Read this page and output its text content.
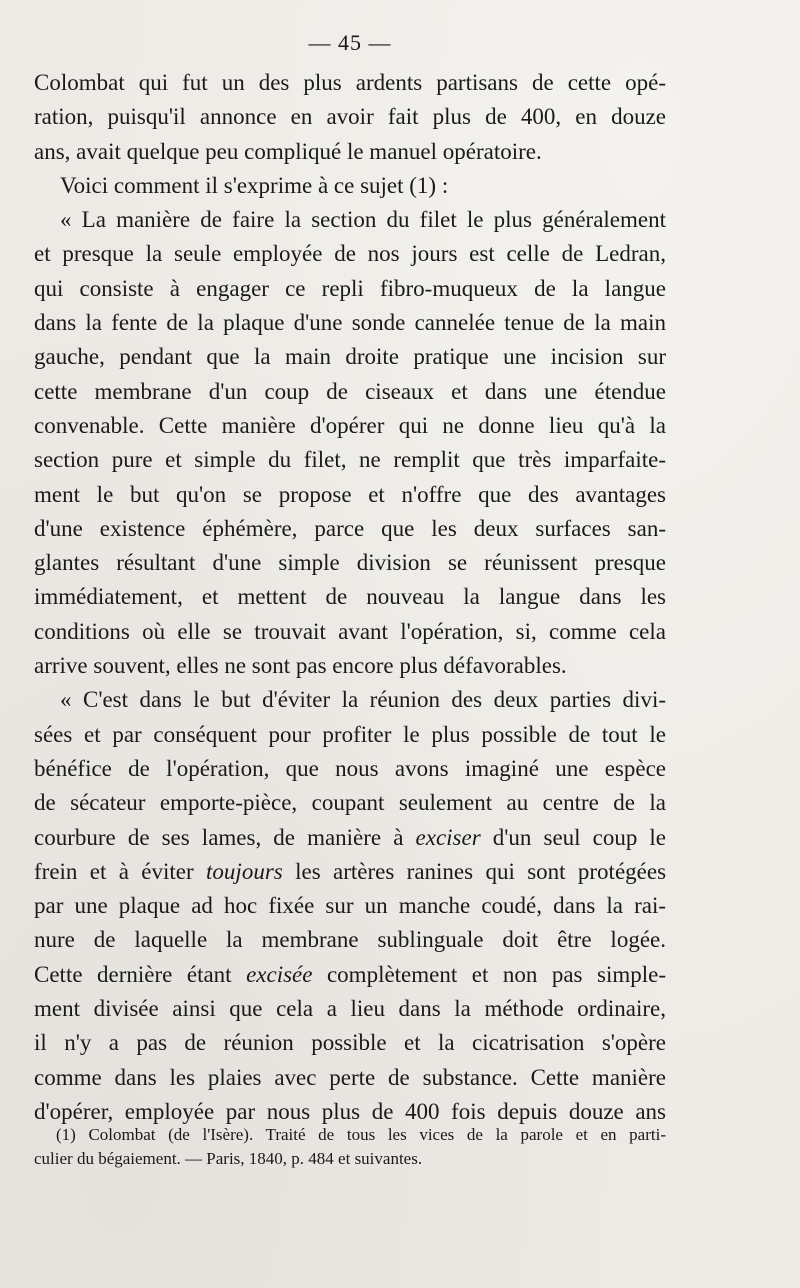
— 45 —
Colombat qui fut un des plus ardents partisans de cette opé-
ration, puisqu'il annonce en avoir fait plus de 400, en douze
ans, avait quelque peu compliqué le manuel opératoire.
Voici comment il s'exprime à ce sujet (1) :
« La manière de faire la section du filet le plus généralement
et presque la seule employée de nos jours est celle de Ledran,
qui consiste à engager ce repli fibro-muqueux de la langue
dans la fente de la plaque d'une sonde cannelée tenue de la main
gauche, pendant que la main droite pratique une incision sur
cette membrane d'un coup de ciseaux et dans une étendue
convenable. Cette manière d'opérer qui ne donne lieu qu'à la
section pure et simple du filet, ne remplit que très imparfaite-
ment le but qu'on se propose et n'offre que des avantages
d'une existence éphémère, parce que les deux surfaces san-
glantes résultant d'une simple division se réunissent presque
immédiatement, et mettent de nouveau la langue dans les
conditions où elle se trouvait avant l'opération, si, comme cela
arrive souvent, elles ne sont pas encore plus défavorables.
« C'est dans le but d'éviter la réunion des deux parties divi-
sées et par conséquent pour profiter le plus possible de tout le
bénéfice de l'opération, que nous avons imaginé une espèce
de sécateur emporte-pièce, coupant seulement au centre de la
courbure de ses lames, de manière à exciser d'un seul coup le
frein et à éviter toujours les artères ranines qui sont protégées
par une plaque ad hoc fixée sur un manche coudé, dans la rai-
nure de laquelle la membrane sublinguale doit être logée.
Cette dernière étant excisée complètement et non pas simple-
ment divisée ainsi que cela a lieu dans la méthode ordinaire,
il n'y a pas de réunion possible et la cicatrisation s'opère
comme dans les plaies avec perte de substance. Cette manière
d'opérer, employée par nous plus de 400 fois depuis douze ans
(1) Colombat (de l'Isère). Traité de tous les vices de la parole et en parti-
culier du bégaiement. — Paris, 1840, p. 484 et suivantes.
